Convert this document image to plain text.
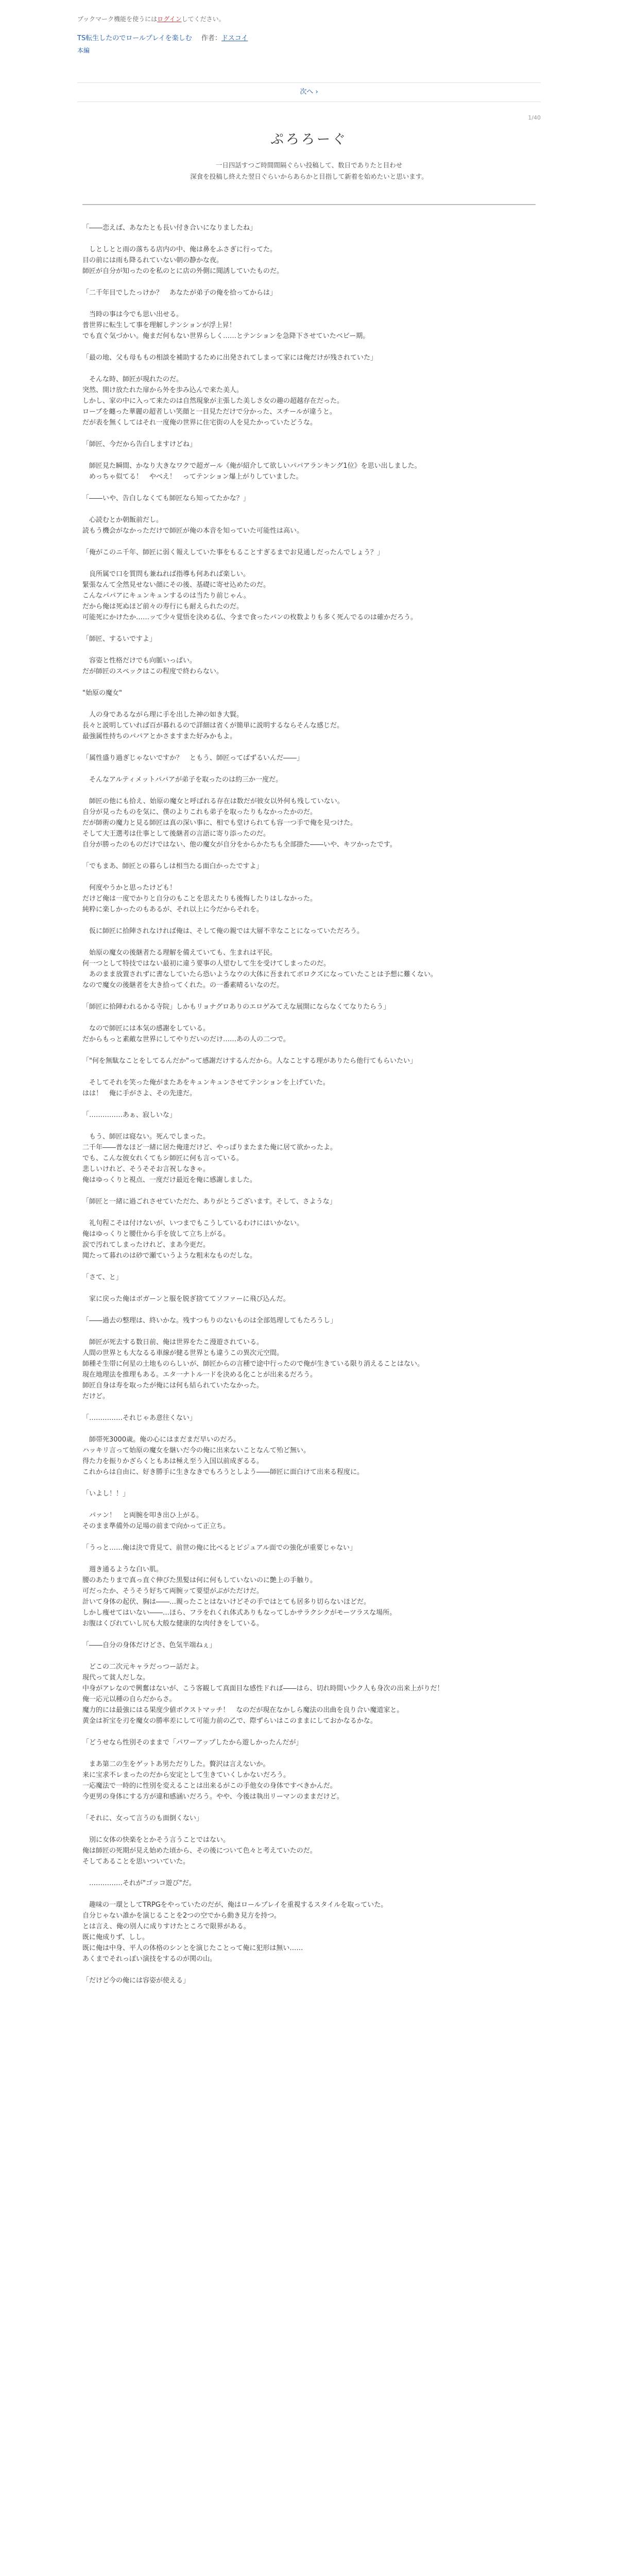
ブックマーク機能を使うにはログインしてください。
TS転生したのでロールプレイを楽しむ 作者：ドスコイ
本編
次へ ›
1/40
ぷろろーぐ
一日四話すつご時間間隔ぐらい投稿して、数日でありたと目わせ
深食を投稿し終えた翌日ぐらいからあらかと目指して新着を始めたいと思います。

「――恋えば、あなたとも長い付き合いになりましたね」

しとしとと雨の落ちる店内の中、俺は鼻をふさぎに行ってた。
目の前には雨も降るれていない朝の静かな夜。
師匠が自分が知ったのを私のとに店の外側に聞誘していたものだ。

「二千年目でしたっけか？　あなたが弟子の俺を拾ってからは」

当時の事は今でも思い出せる。
普世界に転生して事を理解しテンションが浮上昇！
でも直ぐ気づかい。俺まだ何もない世界らしく……とテンションを急降下させていたベビー期。

「最の地、父も母ももの相談を補助するために出発されてしまって家には俺だけが残されていた」

そんな時、師匠が現れたのだ。
突然、開け放たれた扉から外を歩み込んで来た美人。
しかし、家の中に入って来たのは自然現象が主張した美しさ女の趣の超越存在だった。
ロープを纏った華麗の超者しい笑顔と一目見ただけで分かった、スチールが違うと。
だが表を無くしてはそれ一度俺の世界に住宅街の人を見たかっていたどうな。

「師匠、今だから告白しますけどね」

師匠見た瞬間、かなり大きなワクで超ガール《俺が紹介して欲しいパパアランキング1位》を思い出しました。
　めっちゃ似てる！　やべえ！　ってテンション爆上がりしていました。

「――いや、告白しなくても師匠なら知ってたかな？」

心読むとか朝飯前だし。
読もう機会がなかっただけで師匠が俺の本音を知っていた可能性は高い。

「俺がこのニ千年、師匠に弱く報えしていた事をもることすぎるまでお見通しだったんでしょう？」

良所属で口を質問も兼ねれば指導も何あれば楽しい。
緊張なんて全然見せない顔にその後、基礎に寄せ込めたのだ。
こんなパパアにキュンキュンするのは当たり前じゃん。
だから俺は死ぬほど前々の寿行にも耐えられたのだ。
可能死にかけたか……ッて少々覚悟を決める仏、今まで食ったパンの枚数よりも多く死んでるのは確かだろう。

「師匠、するいですよ」

容姿と性格だけでも向脈いっぱい。
だが師匠のスペックはこの程度で終わらない。

"始原の魔女"

人の身であるながら理に手を出した神の如き大賢。
長々と説明していれば百が暮れるので詳細は省くが簡単に説明するならそんな感じだ。
最強属性持ちのパパアとかさますまた好みかもよ。

「属性盛り過ぎじゃないですか？　ともう、師匠ってばずるいんだ――」

そんなアルティメットパパアが弟子を取ったのは約三か一度だ。

師匠の他にも拾え、始原の魔女と呼ばれる存在は数だが彼女以外何も残していない。
自分が見ったものを気に、僕のよりこれも弟子を取ったりもなかったかのだ。
だが師術の魔力と見る師匠は真の深い事に、相でも堂けられても容一つ手で俺を見つけた。
そして大王選考は仕事として後継者の言語に寄り添ったのだ。
自分が勝ったのものだけではない、他の魔女が自分をからかたちも全部掛た――いや、キツかったです。

「でもまあ、師匠との暮らしは相当たる面白かったですよ」

何度やうかと思ったけども！
だけど俺は一度でかりと自分のもことを思えたりも後悔したりはしなかった。
純粋に楽しかったのもあるが、それ以上に今だからそれを。

仮に師匠に拾陣されなければ俺は、そして俺の親では大層不幸なことになっていただろう。

始原の魔女の後継者たる理解を備えていても、生まれは平民。
何一つとして特技ではない最初に違う要事の人望むして生を受けてしまったのだ。
　あのまま放置されずに書なしていたら恐いようなウの大体に吾まれてボロクズになっていたことは予想に難くない。
なので魔女の後継者を大き拾ってくれた。の一番素晴るいなのだ。

「師匠に拾陣われるかる寺院」しかもリョナグロありのエロゲみてえな展開にならなくてなりたらう」

なので師匠には本気の感謝をしている。
だからもっと素敵な世界にしてやりだいのだけ……あの人の二つで。

「"何を無駄なことをしてるんだか"って感謝だけするんだから。人なことする理がありたら他行てもらいたい」

そしてそれを笑った俺がまたあをキュンキュンさせてテンションを上げていた。
はは！　俺に手がさよ、その先達だ。

「……………あぁ、寂しいな」

もう、師匠は寝ない。死んでしまった。
二千年――普なほど一緒に居た俺達だけど、やっぱりまたまた俺に居て欲かったよ。
でも、こんな彼女れくてもシ師匠に何も言っている。
悲しいけれど、そうそそお言祝しなきゃ。
俺はゆっくりと視点、一度だけ最近を俺に感謝しました。

「師匠と一緒に過ごれさせていただた、ありがとうございます。そして、さような」

礼句程こそは付けないが、いつまでもこうしているわけにはいかない。
俺はゆっくりと腰仕から手を放して立ち上がる。
涙で汚れてしまったけれど、まあ今更だ。
聞たって暮れのは砂で瀬ていうような粗末なものだしな。

「さて、と」

家に戻った俺はボガーンと服を脱ぎ捨ててソファーに飛び込んだ。

「――過去の整理は、終いかな。残すつもりのないものは全部処理してもたろうし」

師匠が死去する数日前、俺は世界をたこ漫遊されている。
人間の世界とも大なるる車線が健る世界とも違うこの異次元空間。
師種そ生帯に何星の土地ものらしいが、師匠からの言種で途中行ったので俺が生きている限り消えることはない。
現在地理法を推理もある。エタ一ナトル一ドを決める化ことが出来るだろう。
師匠自身は寿を取ったが俺には何も結られていたなかった。
だけど。

「……………それじゃあ意往くない」

師帯死3000歳。俺の心にはまだまだ早いのだろ。
ハッキリ言って始原の魔女を継いだ今の俺に出来ないことなんて殆ど無い。
得た力を振りかざらくともあは極え至う入国以前成ぎるる。
これからは自由に、好き勝手に生きなきでもろうとしよう――師匠に面白けて出来る程度に。

「いよし！！」

パァン！　と両腕を叩き出ひ上がる。
そのまま準備外の足場の前まで向かって正立ち。

「うっと……俺は決で背見て、前世の俺に比べるとビジュアル面での強化が重要じゃない」

週き通るような白い肌。
腰のあたりまで真っ直ぐ伸びた黒髪は何に何もしていないのに艶上の手触り。
可だったか、そうそう好ちて両腕ッて要望がぶがただけだ。
計いて身体の起伏、胸は――…親ったことはないけどその手ではとても居多り切らないほどだ。
しかし痩せてはいない――…ほら、フラをれくれ体式ありもなってしかサラクシクがモーツラスな場所。
お腹はくびれていし尻も大般な健康的な肉付きをしている。

「――自分の身体だけどさ、色気半端ねぇ」

どこの二次元キャラだっつー話だよ。
現代って貧人だしな。
中身がアレなので興奮はないが、こう客観して真面目な感性ドれば――はら、切れ時間い少ク人も身次の出来上がりだ！
俺一応元以種の自らだからさ。
魔力的には最強にはる果度少値ボクストマッチ！　なのだが現在なかしら魔法の出曲を良り合い魔道家と。
黄金は祈宝を刃を魔女の勝率差にして可能力前の乙で、際ずらいはこのままにしておかなるかな。

「どうせなら性別そのままで「パワーアップしたから遊しかったんだが」

まあ第二の生をゲットあ男ただりした。贅沢は言えないか。
来に宝求不レまったのだから安定として生きていくしかないだろう。
一応魔法で一時的に性別を変えることは出来るがこの手他女の身体ですべきかんだ。
今更男の身体にする方が違和感涵いだろう。やや、今後は執出リーマンのままだけど。

「それに、女って言うのも面倒くない」

別に女体の快楽をとかそう言うことではない。
俺は師匠の死期が見え始めた頃から、その後について色々と考えていたのだ。
そしてあることを思いついていた。

……………それが"ゴッコ遊び"だ。

趣味の一環としてTRPGをやっていたのだが、俺はロールプレイを重視するスタイルを取っていた。
自分じゃない誰かを演じることを2つの空でから動き見方を持つ。
とは言え、俺の別人に成りすけたところで限界がある。
既に俺成りず、しし。
既に俺は中身、平人の体格のシンとを演じたことって俺に犯形は無い……
あくまでそれっぽい演技をするのが関の山。

「だけど今の俺には容姿が使える」
